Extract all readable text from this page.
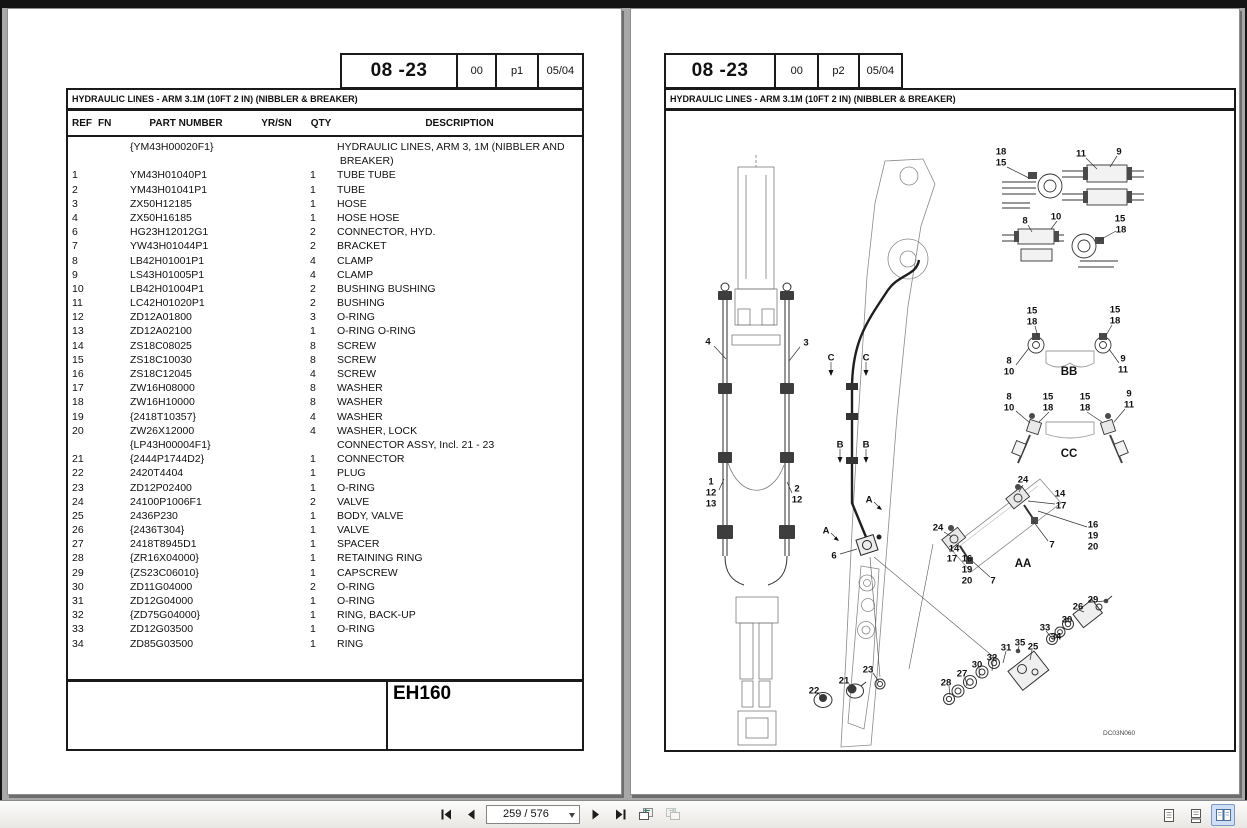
08 -23	00	p1	05/04
HYDRAULIC LINES - ARM 3.1M (10FT 2 IN) (NIBBLER & BREAKER)
REF FN	PART NUMBER	YR/SN	QTY	DESCRIPTION
{YM43H00020F1}	HYDRAULIC LINES, ARM 3, 1M (NIBBLER AND
BREAKER)
1	YM43H01040P1	1	TUBE TUBE
2	YM43H01041P1	1	TUBE
3	ZX50H12185	1	HOSE
4	ZX50H16185	1	HOSE HOSE
6	HG23H12012G1	2	CONNECTOR, HYD.
7	YW43H01044P1	2	BRACKET
8	LB42H01001P1	4	CLAMP
9	LS43H01005P1	4	CLAMP
10	LB42H01004P1	2	BUSHING BUSHING
11	LC42H01020P1	2	BUSHING
12	ZD12A01800	3	O-RING
13	ZD12A02100	1	O-RING O-RING
14	ZS18C08025	8	SCREW
15	ZS18C10030	8	SCREW
16	ZS18C12045	4	SCREW
17	ZW16H08000	8	WASHER
18	ZW16H10000	8	WASHER
19	{2418T10357}	4	WASHER
20	ZW26X12000	4	WASHER, LOCK
{LP43H00004F1}	CONNECTOR ASSY, Incl. 21 - 23
21	{2444P1744D2}	1	CONNECTOR
22	2420T4404	1	PLUG
23	ZD12P02400	1	O-RING
24	24100P1006F1	2	VALVE
25	2436P230	1	BODY, VALVE
26	{2436T304}	1	VALVE
27	2418T8945D1	1	SPACER
28	{ZR16X04000}	1	RETAINING RING
29	{ZS23C06010}	1	CAPSCREW
30	ZD11G04000	2	O-RING
31	ZD12G04000	1	O-RING
32	{ZD75G04000}	1	RING, BACK-UP
33	ZD12G03500	1	O-RING
34	ZD85G03500	1	RING
EH160
08 -23	00	p2	05/04
HYDRAULIC LINES - ARM 3.1M (10FT 2 IN) (NIBBLER & BREAKER)
DC03N060
4	3
1
12
13
2
12
6
18
15
11	9
8 10	15
18
15
18
15
18
8
10
9
11
8
10
15
18
15
18
9
11
24
14
17
16
19
20
7
24
14
17 16
19
20 7
22
21
23
28
27
30
32
31 35 25
33
34
30
26
29
BB
CC
AA
C	C
B B
A
A
259 / 576
